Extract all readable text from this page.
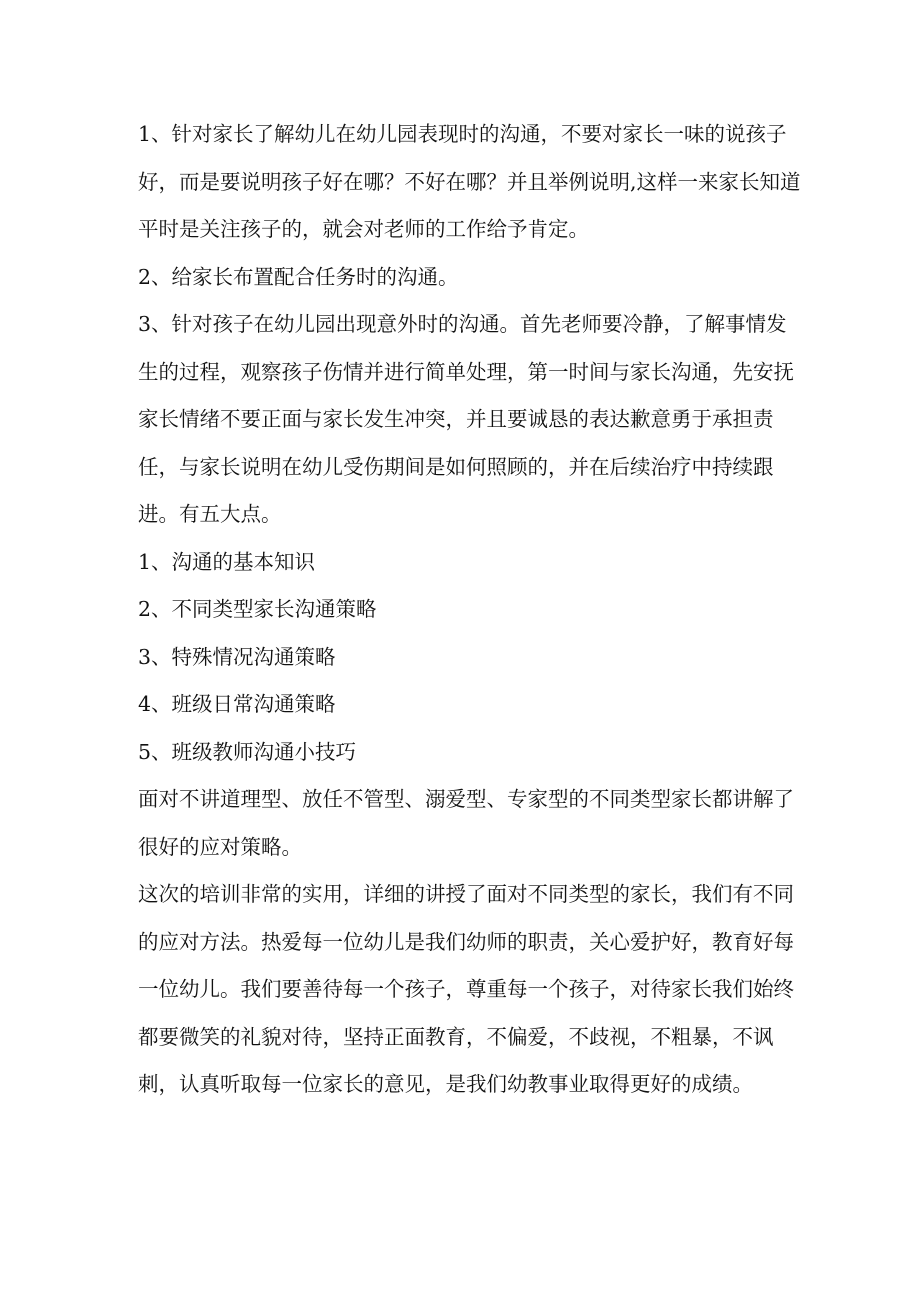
1、针对家长了解幼儿在幼儿园表现时的沟通，不要对家长一味的说孩子好，而是要说明孩子好在哪？不好在哪？并且举例说明,这样一来家长知道平时是关注孩子的，就会对老师的工作给予肯定。

2、给家长布置配合任务时的沟通。

3、针对孩子在幼儿园出现意外时的沟通。首先老师要冷静，了解事情发生的过程，观察孩子伤情并进行简单处理，第一时间与家长沟通，先安抚家长情绪不要正面与家长发生冲突，并且要诚恳的表达歉意勇于承担责任，与家长说明在幼儿受伤期间是如何照顾的，并在后续治疗中持续跟进。有五大点。

1、沟通的基本知识

2、不同类型家长沟通策略

3、特殊情况沟通策略

4、班级日常沟通策略

5、班级教师沟通小技巧

面对不讲道理型、放任不管型、溺爱型、专家型的不同类型家长都讲解了很好的应对策略。

这次的培训非常的实用，详细的讲授了面对不同类型的家长，我们有不同的应对方法。热爱每一位幼儿是我们幼师的职责，关心爱护好，教育好每一位幼儿。我们要善待每一个孩子，尊重每一个孩子，对待家长我们始终都要微笑的礼貌对待，坚持正面教育，不偏爱，不歧视，不粗暴，不讽刺，认真听取每一位家长的意见，是我们幼教事业取得更好的成绩。
